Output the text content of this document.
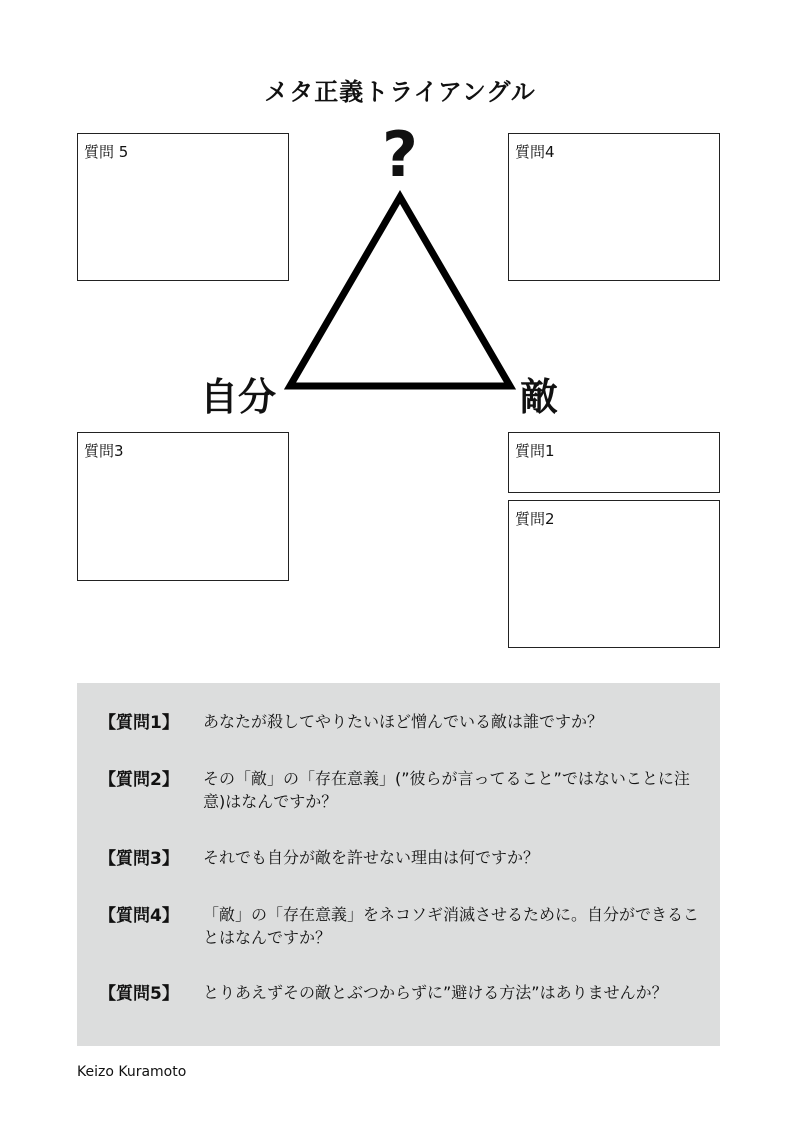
メタ正義トライアングル
質問 5	質問4
質問3	質問1
質問2
?
自分	敵
【質問1】 あなたが殺してやりたいほど憎んでいる敵は誰ですか？
【質問2】 その「敵」の「存在意義」(”彼らが言ってること”ではないことに注意)はなんですか？
【質問3】 それでも自分が敵を許せない理由は何ですか？
【質問4】 「敵」の「存在意義」をネコソギ消滅させるために。自分ができることはなんですか？
【質問5】 とりあえずその敵とぶつからずに”避ける方法”はありませんか？
Keizo Kuramoto
